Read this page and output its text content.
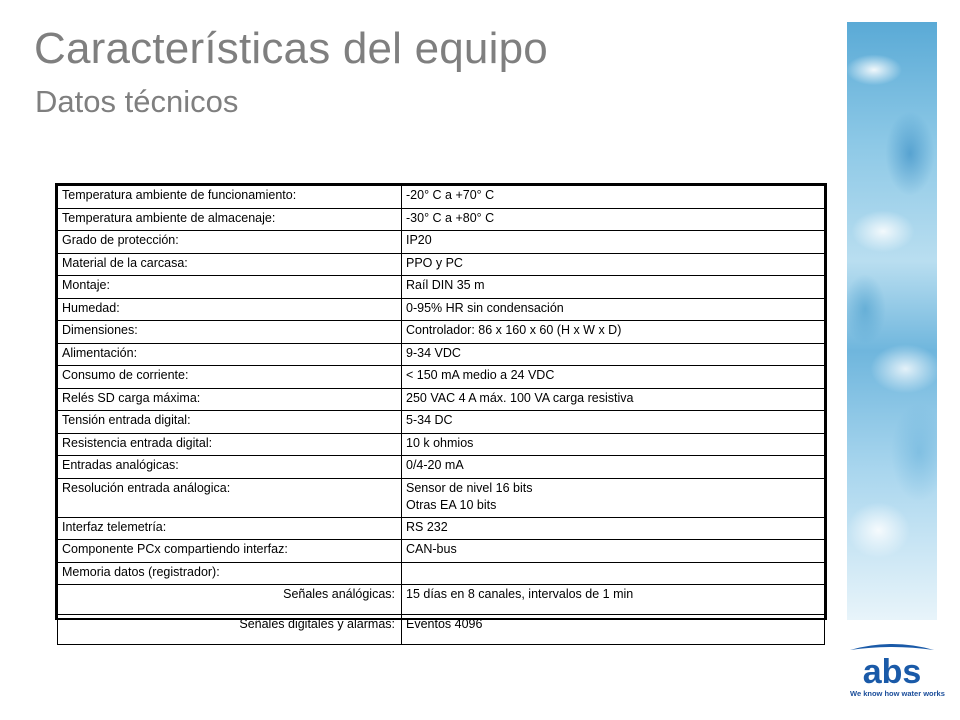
Características del equipo
Datos técnicos
Temperatura ambiente de funcionamiento:	-20° C a +70° C
Temperatura ambiente de almacenaje:	-30° C a +80° C
Grado de protección:	IP20
Material de la carcasa:	PPO y PC
Montaje:	Raíl DIN 35 m
Humedad:	0-95% HR sin condensación
Dimensiones:	Controlador: 86 x 160 x 60 (H x W x D)
Alimentación:	9-34 VDC
Consumo de corriente:	< 150 mA medio a 24 VDC
Relés SD carga máxima:	250 VAC 4 A máx. 100 VA carga resistiva
Tensión entrada digital:	5-34 DC
Resistencia entrada digital:	10 k ohmios
Entradas analógicas:	0/4-20 mA
Resolución entrada análogica:	Sensor de nivel 16 bits
Otras EA 10 bits

Interfaz telemetría:	RS 232
Componente PCx compartiendo interfaz:	CAN-bus
Memoria datos (registrador):	
Señales análógicas:	15 días en 8 canales, intervalos de 1 min
Señales digitales y alarmas:	Eventos 4096
abs
We know how water works
